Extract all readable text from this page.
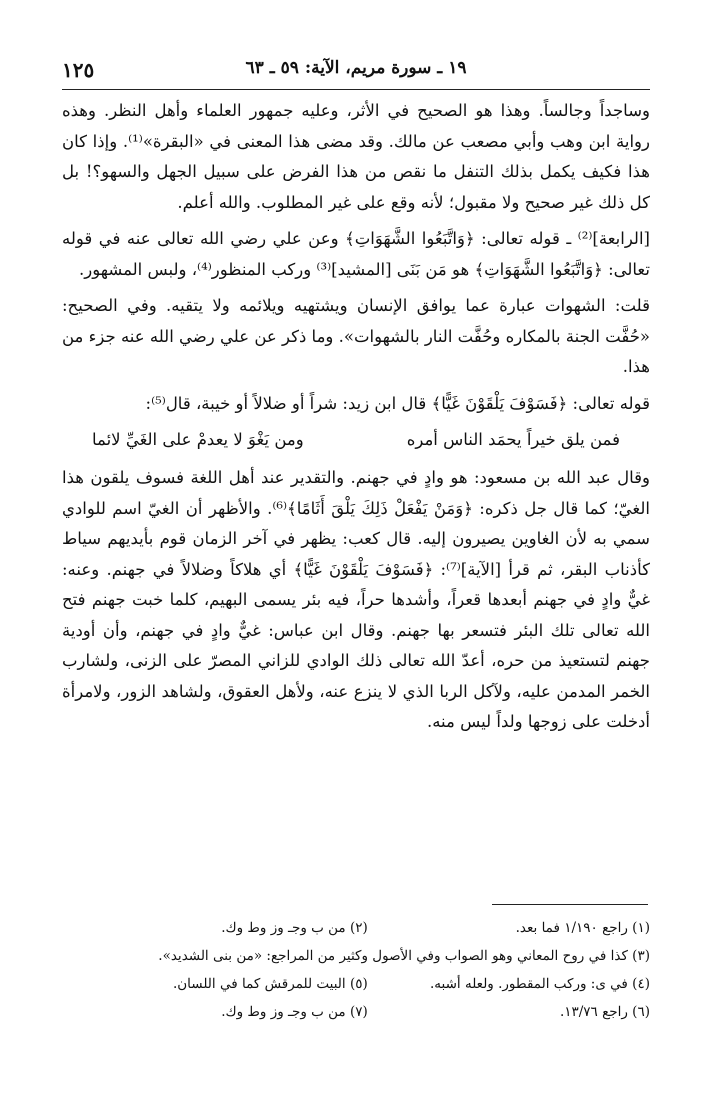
١٩ ـ سورة مريم، الآية: ٥٩ ـ ٦٣
١٢٥

وساجداً وجالساً. وهذا هو الصحيح في الأثر، وعليه جمهور العلماء وأهل النظر. وهذه رواية ابن وهب وأبي مصعب عن مالك. وقد مضى هذا المعنى في «البقرة»⁽¹⁾. وإذا كان هذا فكيف يكمل بذلك التنفل ما نقص من هذا الفرض على سبيل الجهل والسهو؟! بل كل ذلك غير صحيح ولا مقبول؛ لأنه وقع على غير المطلوب. والله أعلم.

[الرابعة]⁽²⁾ ـ قوله تعالى: ﴿وَاتَّبَعُوا الشَّهَوَاتِ﴾ وعن علي رضي الله تعالى عنه في قوله تعالى: ﴿وَاتَّبَعُوا الشَّهَوَاتِ﴾ هو مَن بَنَى [المشيد]⁽³⁾ وركب المنظور⁽⁴⁾، ولبس المشهور.

قلت: الشهوات عبارة عما يوافق الإنسان ويشتهيه ويلائمه ولا يتقيه. وفي الصحيح: «حُفَّت الجنة بالمكاره وحُفَّت النار بالشهوات». وما ذكر عن علي رضي الله عنه جزء من هذا.

قوله تعالى: ﴿فَسَوْفَ يَلْقَوْنَ غَيًّا﴾ قال ابن زيد: شراً أو ضلالاً أو خيبة، قال⁽⁵⁾:

فمن يلق خيراً يحمَد الناس أمره
ومن يَغْوَ لا يعدمْ على الغَيِّ لائما

وقال عبد الله بن مسعود: هو وادٍ في جهنم. والتقدير عند أهل اللغة فسوف يلقون هذا الغيّ؛ كما قال جل ذكره: ﴿وَمَنْ يَفْعَلْ ذَلِكَ يَلْقَ أَثَامًا﴾⁽⁶⁾. والأظهر أن الغيّ اسم للوادي سمي به لأن الغاوين يصيرون إليه. قال كعب: يظهر في آخر الزمان قوم بأيديهم سياط كأذناب البقر، ثم قرأ [الآية]⁽⁷⁾: ﴿فَسَوْفَ يَلْقَوْنَ غَيًّا﴾ أي هلاكاً وضلالاً في جهنم. وعنه: غيٌّ وادٍ في جهنم أبعدها قعراً، وأشدها حراً، فيه بئر يسمى البهيم، كلما خبت جهنم فتح الله تعالى تلك البئر فتسعر بها جهنم. وقال ابن عباس: غيٌّ وادٍ في جهنم، وأن أودية جهنم لتستعيذ من حره، أعدّ الله تعالى ذلك الوادي للزاني المصرّ على الزنى، ولشارب الخمر المدمن عليه، ولآكل الربا الذي لا ينزع عنه، ولأهل العقوق، ولشاهد الزور، ولامرأة أدخلت على زوجها ولداً ليس منه.

(١) راجع ١/١٩٠ فما بعد.
(٢) من ب وجـ وز وط وك.
(٣) كذا في روح المعاني وهو الصواب وفي الأصول وكثير من المراجع: «من بنى الشديد».
(٤) في ى: وركب المقطور. ولعله أشبه.
(٥) البيت للمرقش كما في اللسان.
(٦) راجع ١٣/٧٦.
(٧) من ب وجـ وز وط وك.
